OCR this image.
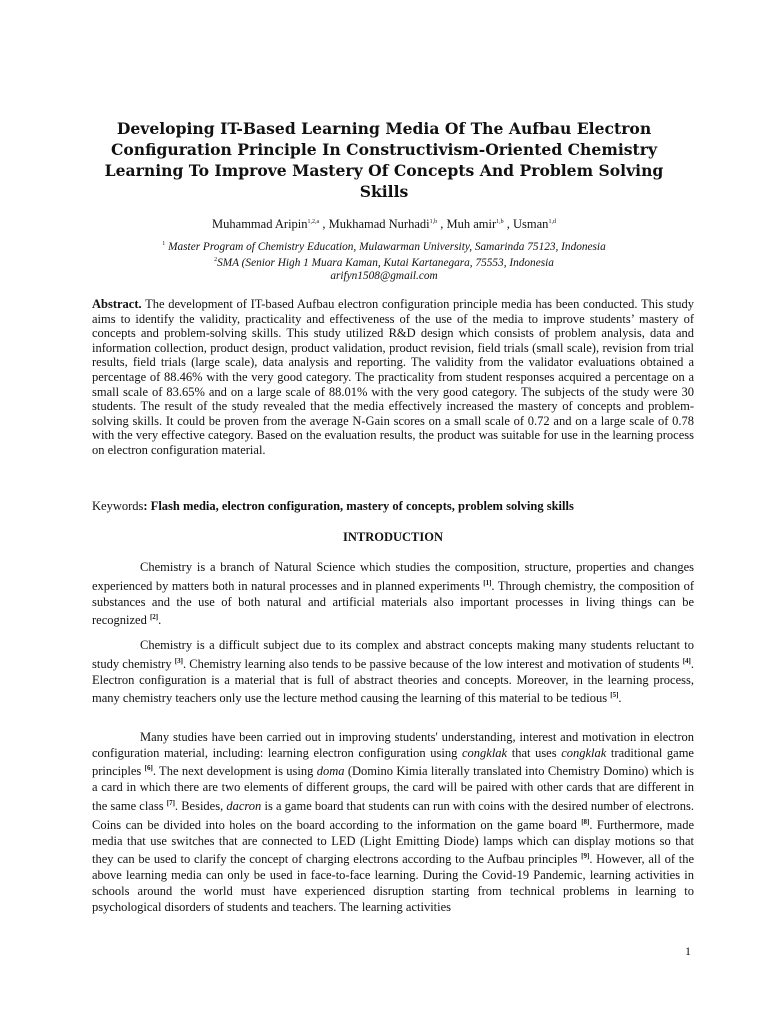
Developing IT-Based Learning Media Of The Aufbau Electron Configuration Principle In Constructivism-Oriented Chemistry Learning To Improve Mastery Of Concepts And Problem Solving Skills
Muhammad Aripin$^{1,2,a}$ , Mukhamad Nurhadi$^{1,b}$ , Muh amir$^{1,b}$ , Usman$^{1,d}$
$^1$ Master Program of Chemistry Education, Mulawarman University, Samarinda 75123, Indonesia
$^2$SMA (Senior High 1 Muara Kaman, Kutai Kartanegara, 75553, Indonesia
arifyn1508@gmail.com
Abstract. The development of IT-based Aufbau electron configuration principle media has been conducted. This study aims to identify the validity, practicality and effectiveness of the use of the media to improve students’ mastery of concepts and problem-solving skills. This study utilized R&D design which consists of problem analysis, data and information collection, product design, product validation, product revision, field trials (small scale), revision from trial results, field trials (large scale), data analysis and reporting. The validity from the validator evaluations obtained a percentage of 88.46% with the very good category. The practicality from student responses acquired a percentage on a small scale of 83.65% and on a large scale of 88.01% with the very good category. The subjects of the study were 30 students. The result of the study revealed that the media effectively increased the mastery of concepts and problem-solving skills. It could be proven from the average N-Gain scores on a small scale of 0.72 and on a large scale of 0.78 with the very effective category. Based on the evaluation results, the product was suitable for use in the learning process on electron configuration material.
Keywords: Flash media, electron configuration, mastery of concepts, problem solving skills
INTRODUCTION
Chemistry is a branch of Natural Science which studies the composition, structure, properties and changes experienced by matters both in natural processes and in planned experiments [1]. Through chemistry, the composition of substances and the use of both natural and artificial materials also important processes in living things can be recognized [2].
Chemistry is a difficult subject due to its complex and abstract concepts making many students reluctant to study chemistry [3]. Chemistry learning also tends to be passive because of the low interest and motivation of students [4]. Electron configuration is a material that is full of abstract theories and concepts. Moreover, in the learning process, many chemistry teachers only use the lecture method causing the learning of this material to be tedious [5].
Many studies have been carried out in improving students' understanding, interest and motivation in electron configuration material, including: learning electron configuration using congklak that uses congklak traditional game principles [6]. The next development is using doma (Domino Kimia literally translated into Chemistry Domino) which is a card in which there are two elements of different groups, the card will be paired with other cards that are different in the same class [7]. Besides, dacron is a game board that students can run with coins with the desired number of electrons. Coins can be divided into holes on the board according to the information on the game board [8]. Furthermore, made media that use switches that are connected to LED (Light Emitting Diode) lamps which can display motions so that they can be used to clarify the concept of charging electrons according to the Aufbau principles [9]. However, all of the above learning media can only be used in face-to-face learning. During the Covid-19 Pandemic, learning activities in schools around the world must have experienced disruption starting from technical problems in learning to psychological disorders of students and teachers. The learning activities
1
